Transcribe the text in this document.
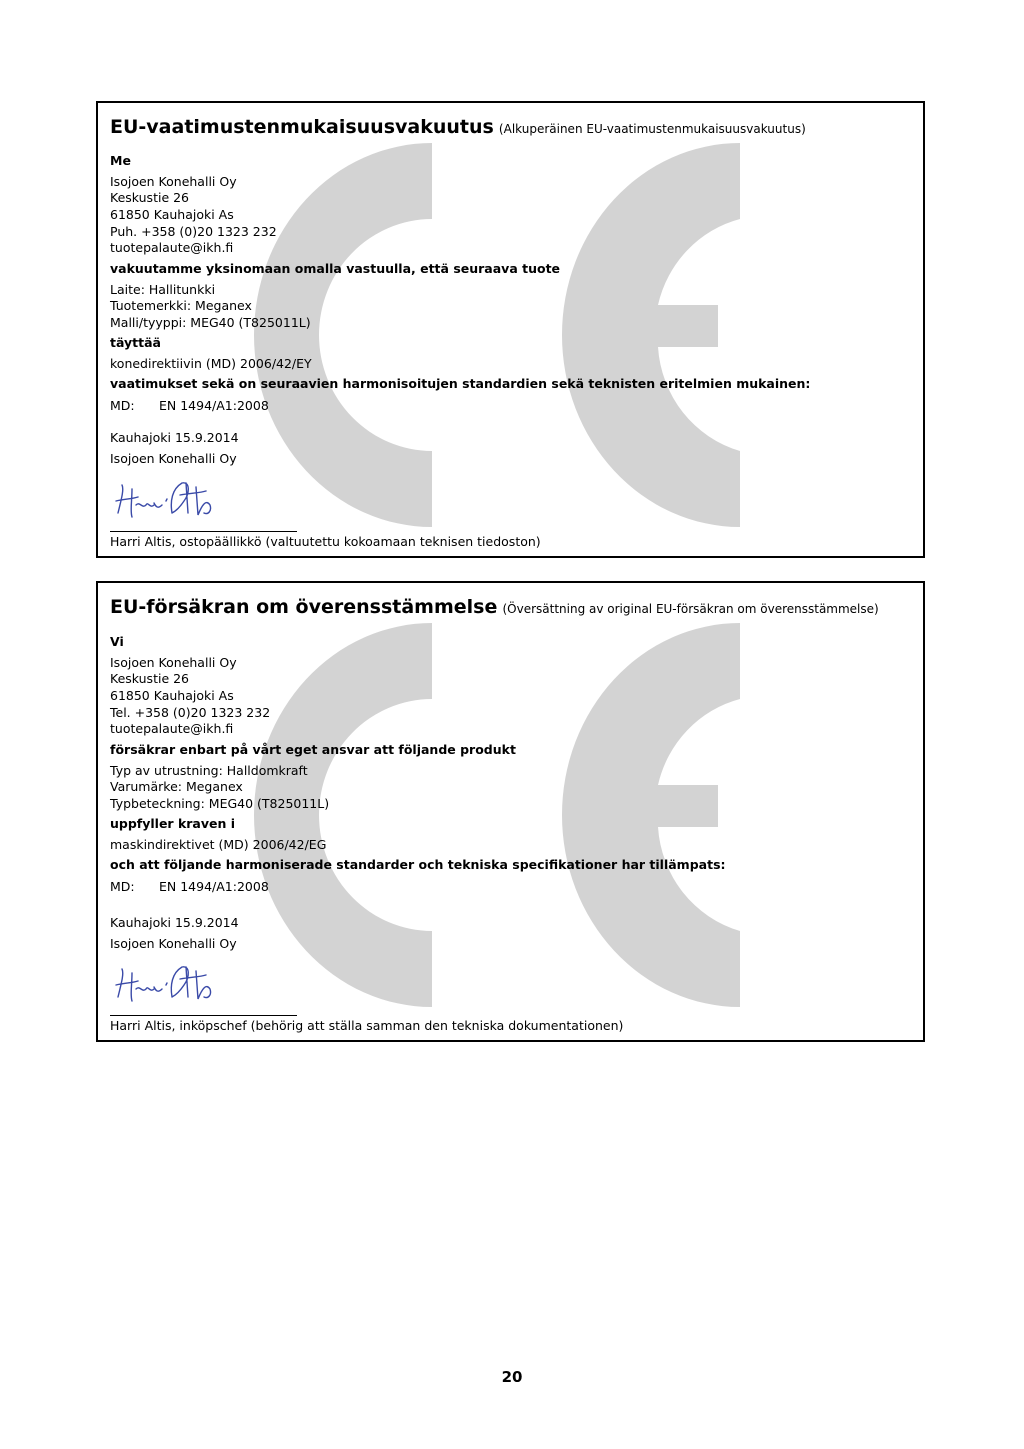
EU-vaatimustenmukaisuusvakuutus (Alkuperäinen EU-vaatimustenmukaisuusvakuutus)
Me
Isojoen Konehalli Oy
Keskustie 26
61850 Kauhajoki As
Puh. +358 (0)20 1323 232
tuotepalaute@ikh.fi
vakuutamme yksinomaan omalla vastuulla, että seuraava tuote
Laite: Hallitunkki
Tuotemerkki: Meganex
Malli/tyyppi: MEG40 (T825011L)
täyttää
konedirektiivin (MD) 2006/42/EY
vaatimukset sekä on seuraavien harmonisoitujen standardien sekä teknisten eritelmien mukainen:
MD: EN 1494/A1:2008
Kauhajoki 15.9.2014
Isojoen Konehalli Oy
Harri Altis, ostopäällikkö (valtuutettu kokoamaan teknisen tiedoston)
EU-försäkran om överensstämmelse (Översättning av original EU-försäkran om överensstämmelse)
Vi
Isojoen Konehalli Oy
Keskustie 26
61850 Kauhajoki As
Tel. +358 (0)20 1323 232
tuotepalaute@ikh.fi
försäkrar enbart på vårt eget ansvar att följande produkt
Typ av utrustning: Halldomkraft
Varumärke: Meganex
Typbeteckning: MEG40 (T825011L)
uppfyller kraven i
maskindirektivet (MD) 2006/42/EG
och att följande harmoniserade standarder och tekniska specifikationer har tillämpats:
MD: EN 1494/A1:2008
Kauhajoki 15.9.2014
Isojoen Konehalli Oy
Harri Altis, inköpschef (behörig att ställa samman den tekniska dokumentationen)
20
